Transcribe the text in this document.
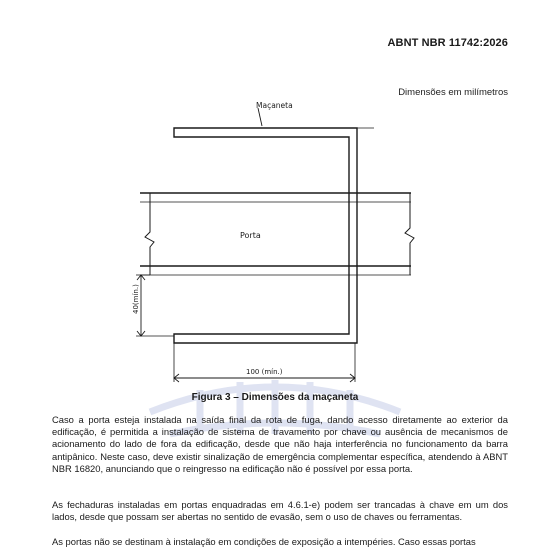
ABNT NBR 11742:2026
Dimensões em milímetros
Maçaneta
Porta
40(mín.)
100 (mín.)
Figura 3 – Dimensões da maçaneta

Caso a porta esteja instalada na saída final da rota de fuga, dando acesso diretamente ao exterior da edificação, é permitida a instalação de sistema de travamento por chave ou ausência de mecanismos de acionamento do lado de fora da edificação, desde que não haja interferência no funcionamento da barra antipânico. Neste caso, deve existir sinalização de emergência complementar específica, atendendo à ABNT NBR 16820, anunciando que o reingresso na edificação não é possível por essa porta.

As fechaduras instaladas em portas enquadradas em 4.6.1-e) podem ser trancadas à chave em um dos lados, desde que possam ser abertas no sentido de evasão, sem o uso de chaves ou ferramentas.

As portas não se destinam à instalação em condições de exposição a intempéries. Caso essas portas
